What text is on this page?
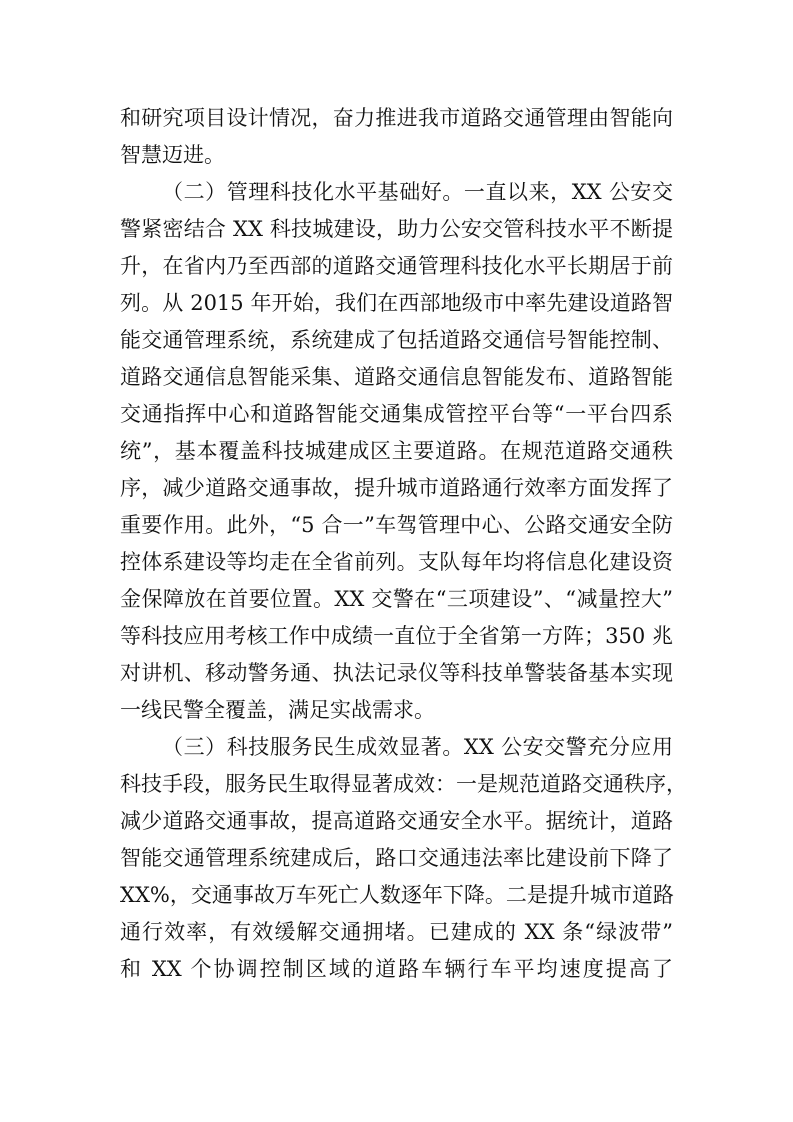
和研究项目设计情况，奋力推进我市道路交通管理由智能向
智慧迈进。
（二）管理科技化水平基础好。一直以来，XX 公安交
警紧密结合 XX 科技城建设，助力公安交管科技水平不断提
升，在省内乃至西部的道路交通管理科技化水平长期居于前
列。从 2015 年开始，我们在西部地级市中率先建设道路智
能交通管理系统，系统建成了包括道路交通信号智能控制、
道路交通信息智能采集、道路交通信息智能发布、道路智能
交通指挥中心和道路智能交通集成管控平台等“一平台四系
统”，基本覆盖科技城建成区主要道路。在规范道路交通秩
序，减少道路交通事故，提升城市道路通行效率方面发挥了
重要作用。此外，“5 合一”车驾管理中心、公路交通安全防
控体系建设等均走在全省前列。支队每年均将信息化建设资
金保障放在首要位置。XX 交警在“三项建设”、“减量控大”
等科技应用考核工作中成绩一直位于全省第一方阵；350 兆
对讲机、移动警务通、执法记录仪等科技单警装备基本实现
一线民警全覆盖，满足实战需求。
（三）科技服务民生成效显著。XX 公安交警充分应用
科技手段，服务民生取得显著成效：一是规范道路交通秩序，
减少道路交通事故，提高道路交通安全水平。据统计，道路
智能交通管理系统建成后，路口交通违法率比建设前下降了
XX%，交通事故万车死亡人数逐年下降。二是提升城市道路
通行效率，有效缓解交通拥堵。已建成的 XX 条“绿波带”
和 XX 个协调控制区域的道路车辆行车平均速度提高了
